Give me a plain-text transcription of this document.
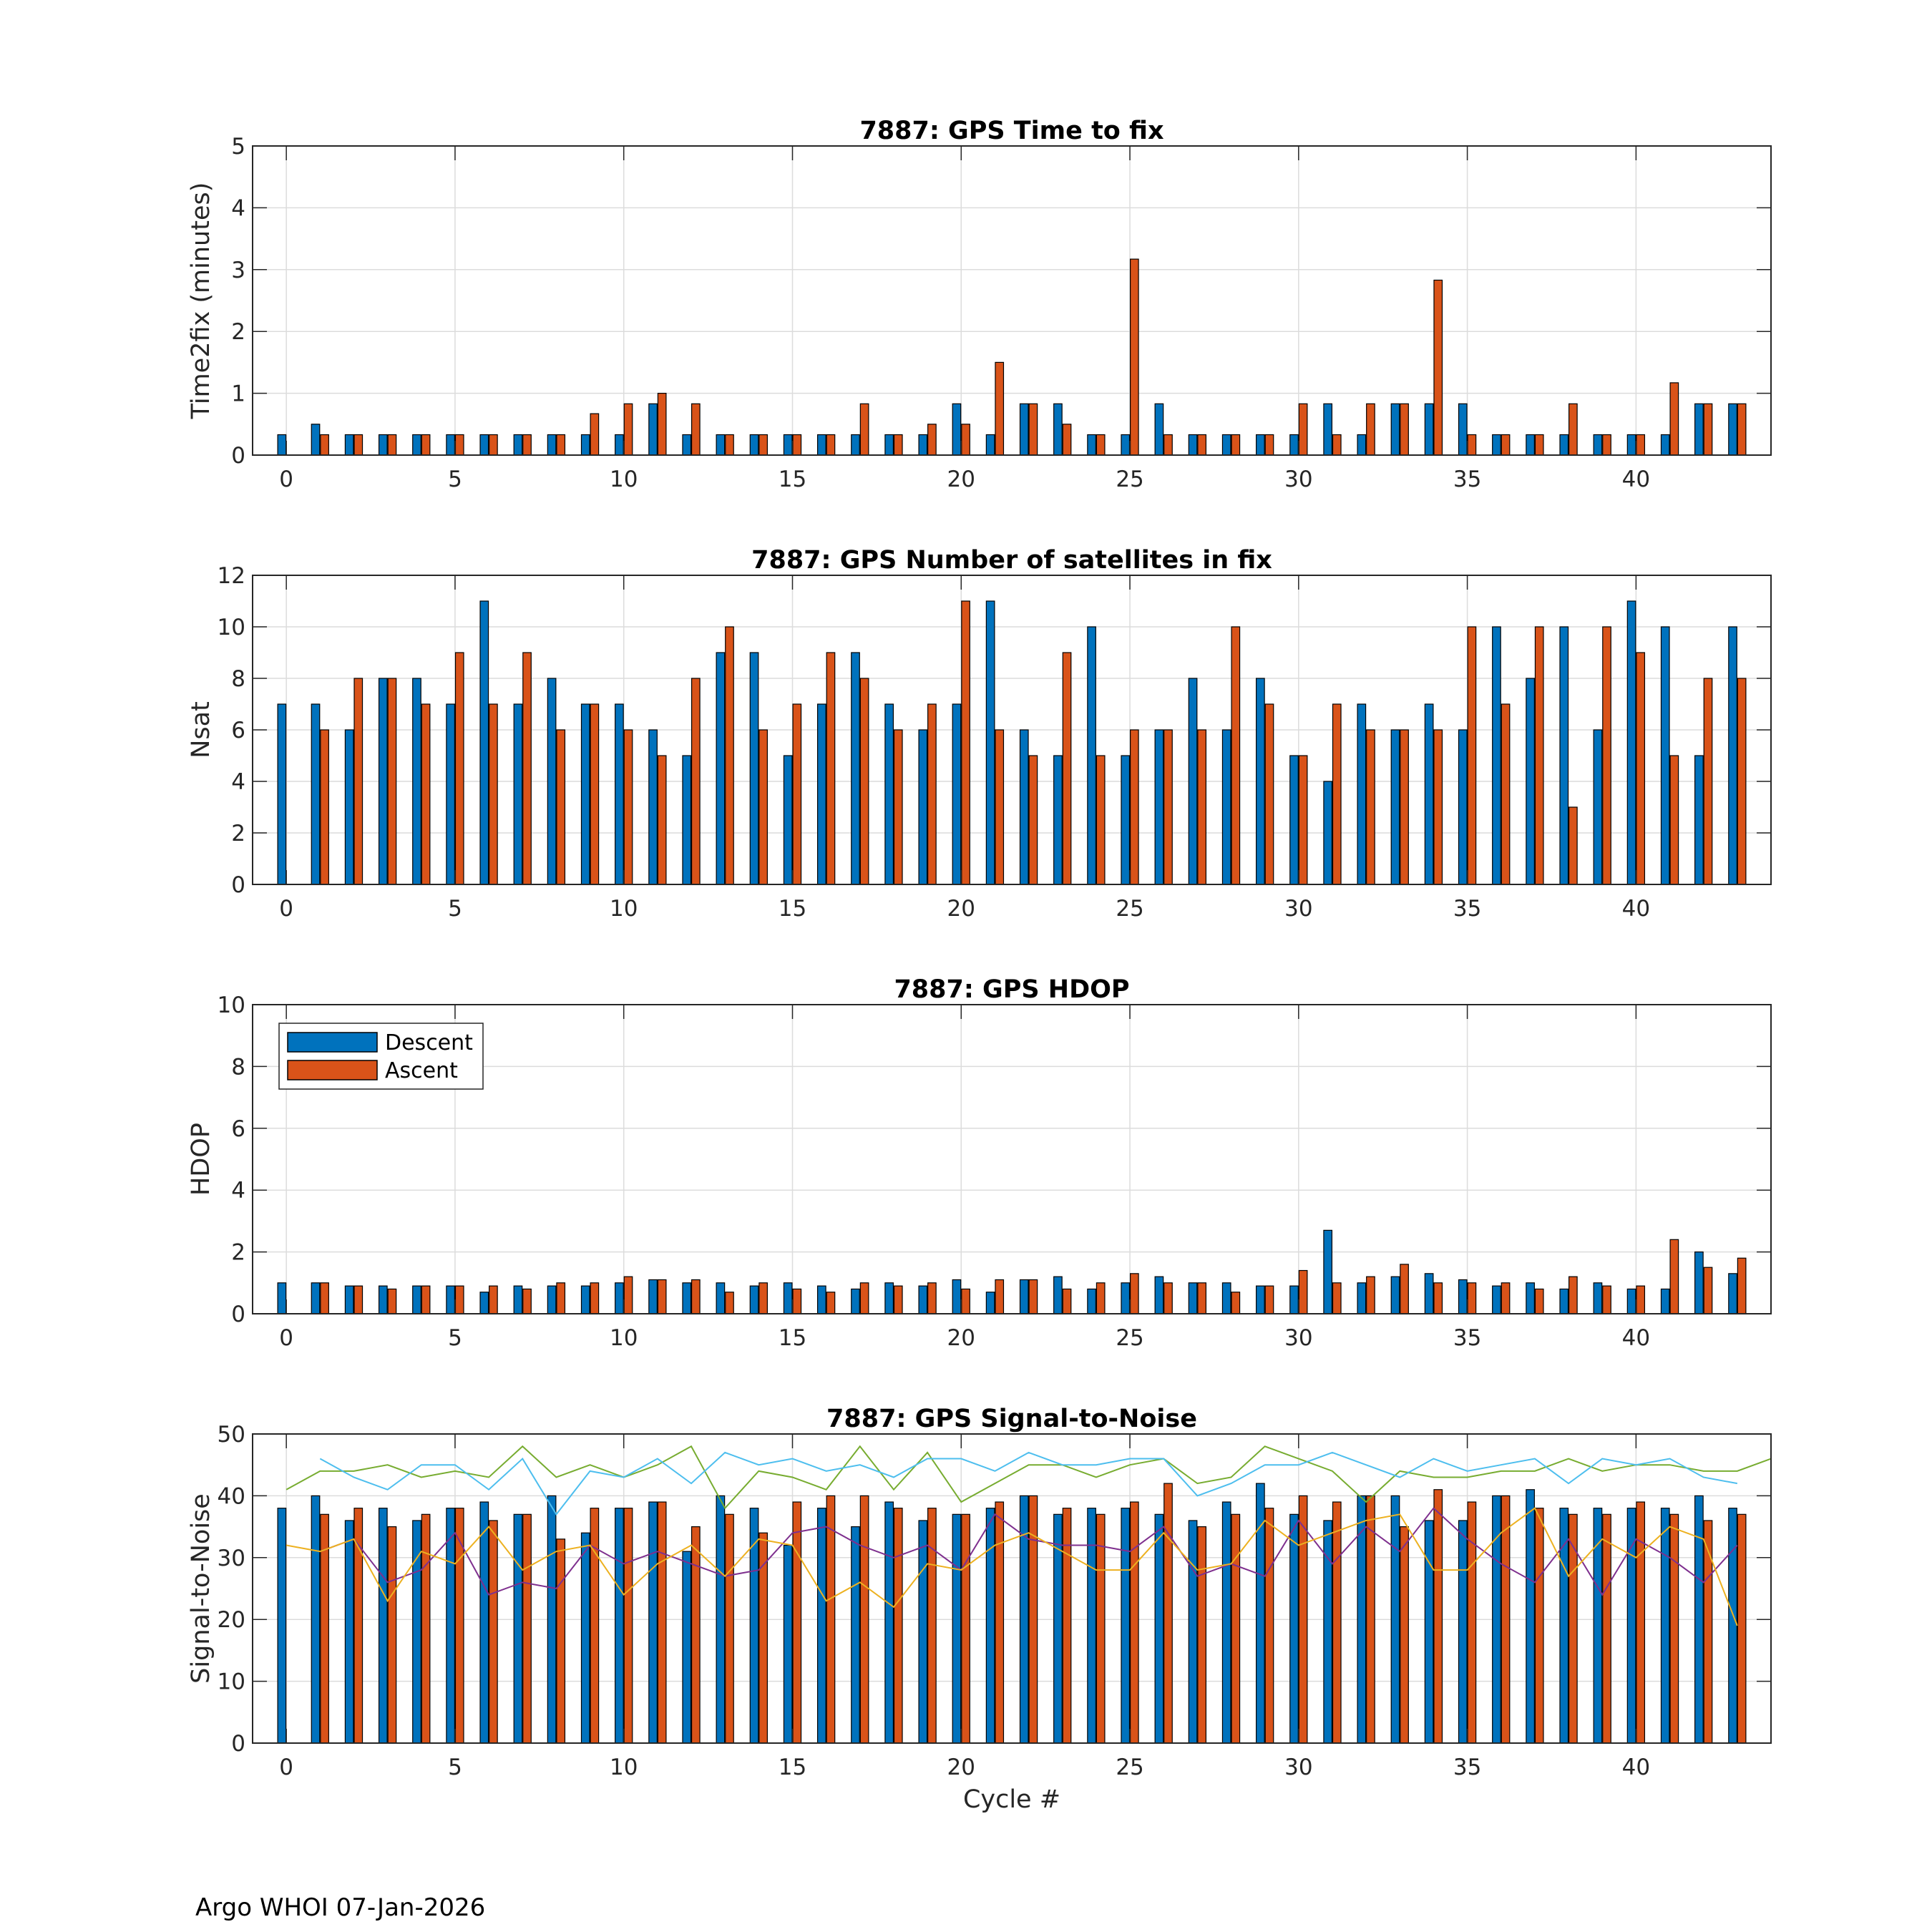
7887: GPS Time to fix
Time2fix (minutes)
0	5	10	15	20	25	30	35	40
0
1
2
3
4
5
7887: GPS Number of satellites in fix
Nsat
0	5	10	15	20	25	30	35	40
0
2
4
6
8
10
12
7887: GPS HDOP
HDOP
0	5	10	15	20	25	30	35	40
0
2
4
6
8
10
Descent
Ascent
7887: GPS Signal-to-Noise
Signal-to-Noise
Cycle #
0	5	10	15	20	25	30	35	40
0
10
20
30
40
50
Argo WHOI 07-Jan-2026
